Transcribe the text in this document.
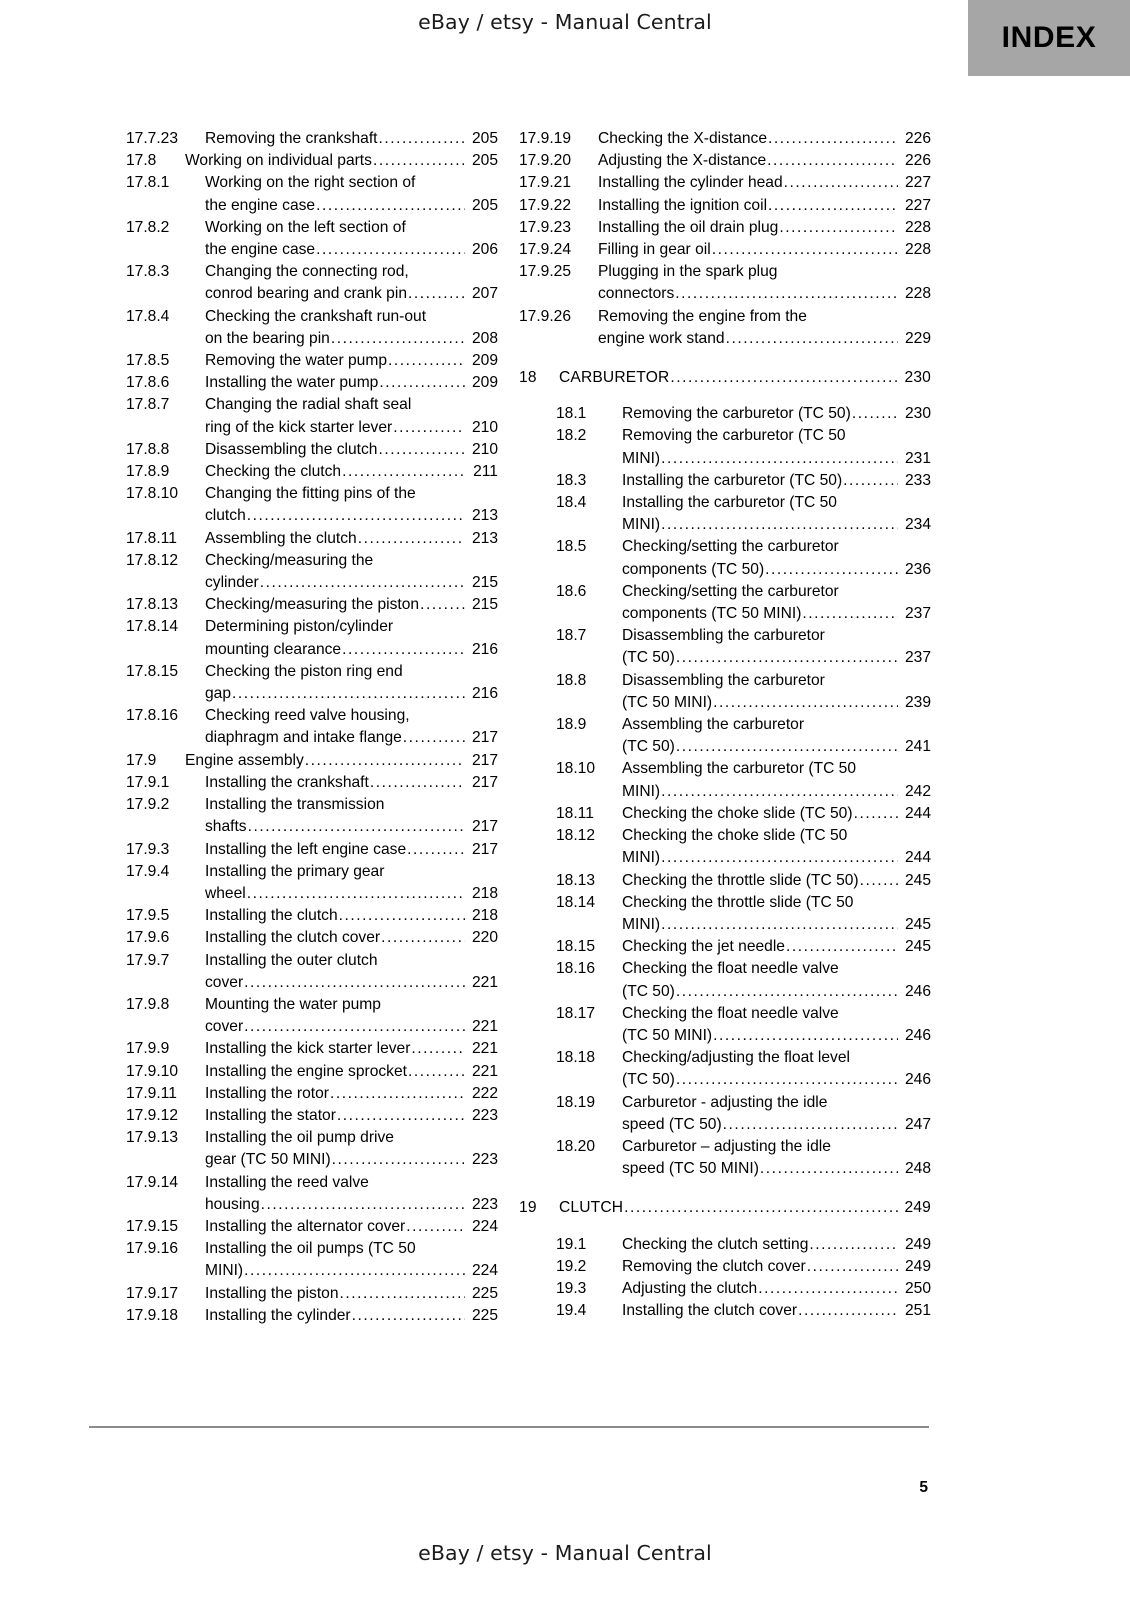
eBay / etsy - Manual Central	INDEX
17.7.23	Removing the crankshaft .....	205
17.8	Working on individual parts .....	205
17.8.1	Working on the right section of
the engine case .....	205
17.8.2	Working on the left section of
the engine case .....	206
17.8.3	Changing the connecting rod,
conrod bearing and crank pin .....	207
17.8.4	Checking the crankshaft run-out
on the bearing pin .....	208
17.8.5	Removing the water pump .....	209
17.8.6	Installing the water pump .....	209
17.8.7	Changing the radial shaft seal
ring of the kick starter lever .....	210
17.8.8	Disassembling the clutch .....	210
17.8.9	Checking the clutch .....	211
17.8.10	Changing the fitting pins of the
clutch .....	213
17.8.11	Assembling the clutch .....	213
17.8.12	Checking/measuring the
cylinder .....	215
17.8.13	Checking/measuring the piston .....	215
17.8.14	Determining piston/cylinder
mounting clearance .....	216
17.8.15	Checking the piston ring end
gap .....	216
17.8.16	Checking reed valve housing,
diaphragm and intake flange .....	217
17.9	Engine assembly .....	217
17.9.1	Installing the crankshaft .....	217
17.9.2	Installing the transmission
shafts .....	217
17.9.3	Installing the left engine case .....	217
17.9.4	Installing the primary gear
wheel .....	218
17.9.5	Installing the clutch .....	218
17.9.6	Installing the clutch cover .....	220
17.9.7	Installing the outer clutch
cover .....	221
17.9.8	Mounting the water pump
cover .....	221
17.9.9	Installing the kick starter lever .....	221
17.9.10	Installing the engine sprocket .....	221
17.9.11	Installing the rotor .....	222
17.9.12	Installing the stator .....	223
17.9.13	Installing the oil pump drive
gear (TC 50 MINI) .....	223
17.9.14	Installing the reed valve
housing .....	223
17.9.15	Installing the alternator cover .....	224
17.9.16	Installing the oil pumps (TC 50
MINI) .....	224
17.9.17	Installing the piston .....	225
17.9.18	Installing the cylinder .....	225
17.9.19	Checking the X-distance .....	226
17.9.20	Adjusting the X-distance .....	226
17.9.21	Installing the cylinder head .....	227
17.9.22	Installing the ignition coil .....	227
17.9.23	Installing the oil drain plug .....	228
17.9.24	Filling in gear oil .....	228
17.9.25	Plugging in the spark plug
connectors .....	228
17.9.26	Removing the engine from the
engine work stand .....	229
18	CARBURETOR .....	230
18.1	Removing the carburetor (TC 50) .....	230
18.2	Removing the carburetor (TC 50
MINI) .....	231
18.3	Installing the carburetor (TC 50) .....	233
18.4	Installing the carburetor (TC 50
MINI) .....	234
18.5	Checking/setting the carburetor
components (TC 50) .....	236
18.6	Checking/setting the carburetor
components (TC 50 MINI) .....	237
18.7	Disassembling the carburetor
(TC 50) .....	237
18.8	Disassembling the carburetor
(TC 50 MINI) .....	239
18.9	Assembling the carburetor
(TC 50) .....	241
18.10	Assembling the carburetor (TC 50
MINI) .....	242
18.11	Checking the choke slide (TC 50) .....	244
18.12	Checking the choke slide (TC 50
MINI) .....	244
18.13	Checking the throttle slide (TC 50) .....	245
18.14	Checking the throttle slide (TC 50
MINI) .....	245
18.15	Checking the jet needle .....	245
18.16	Checking the float needle valve
(TC 50) .....	246
18.17	Checking the float needle valve
(TC 50 MINI) .....	246
18.18	Checking/adjusting the float level
(TC 50) .....	246
18.19	Carburetor - adjusting the idle
speed (TC 50) .....	247
18.20	Carburetor – adjusting the idle
speed (TC 50 MINI) .....	248
19	CLUTCH .....	249
19.1	Checking the clutch setting .....	249
19.2	Removing the clutch cover .....	249
19.3	Adjusting the clutch .....	250
19.4	Installing the clutch cover .....	251
5
eBay / etsy - Manual Central
